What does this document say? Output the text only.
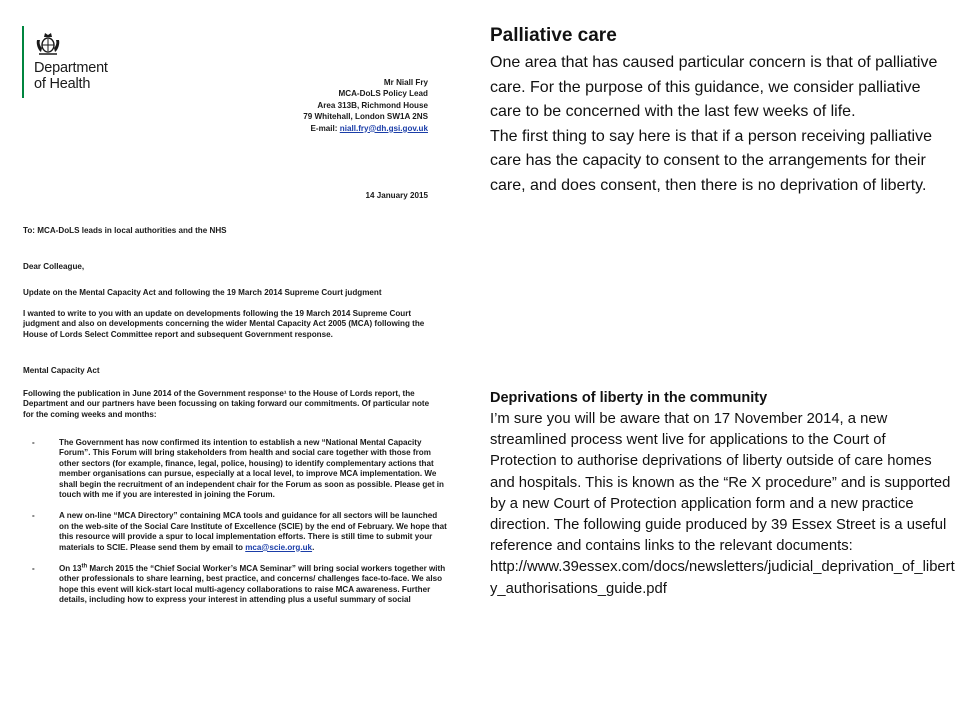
Department
of Health	Mr Niall Fry
MCA-DoLS Policy Lead
Area 313B, Richmond House
79 Whitehall, London SW1A 2NS
E-mail: niall.fry@dh.gsi.gov.uk
14 January 2015
To: MCA-DoLS leads in local authorities and the NHS
Dear Colleague,
Update on the Mental Capacity Act and following the 19 March 2014 Supreme Court judgment
I wanted to write to you with an update on developments following the 19 March 2014 Supreme Court judgment and also on developments concerning the wider Mental Capacity Act 2005 (MCA) following the House of Lords Select Committee report and subsequent Government response.
Mental Capacity Act
Following the publication in June 2014 of the Government response¹ to the House of Lords report, the Department and our partners have been focussing on taking forward our commitments. Of particular note for the coming weeks and months:
-	The Government has now confirmed its intention to establish a new “National Mental Capacity Forum”. This Forum will bring stakeholders from health and social care together with those from other sectors (for example, finance, legal, police, housing) to identify complementary actions that member organisations can pursue, especially at a local level, to improve MCA implementation. We shall begin the recruitment of an independent chair for the Forum as soon as possible. Please get in touch with me if you are interested in joining the Forum.
-	A new on-line “MCA Directory” containing MCA tools and guidance for all sectors will be launched on the web-site of the Social Care Institute of Excellence (SCIE) by the end of February. We hope that this resource will provide a spur to local implementation efforts. There is still time to submit your materials to SCIE. Please send them by email to mca@scie.org.uk.
-	On 13th March 2015 the “Chief Social Worker’s MCA Seminar” will bring social workers together with other professionals to share learning, best practice, and concerns/ challenges face-to-face. We also hope this event will kick-start local multi-agency collaborations to raise MCA awareness. Further details, including how to express your interest in attending plus a useful summary of social
Palliative care

One area that has caused particular concern is that of palliative care. For the purpose of this guidance, we consider palliative care to be concerned with the last few weeks of life.

The first thing to say here is that if a person receiving palliative care has the capacity to consent to the arrangements for their care, and does consent, then there is no deprivation of liberty.

Deprivations of liberty in the community

I’m sure you will be aware that on 17 November 2014, a new streamlined process went live for applications to the Court of Protection to authorise deprivations of liberty outside of care homes and hospitals. This is known as the “Re X procedure” and is supported by a new Court of Protection application form and a new practice direction. The following guide produced by 39 Essex Street is a useful reference and contains links to the relevant documents:

http://www.39essex.com/docs/newsletters/judicial_deprivation_of_liberty_authorisations_guide.pdf
